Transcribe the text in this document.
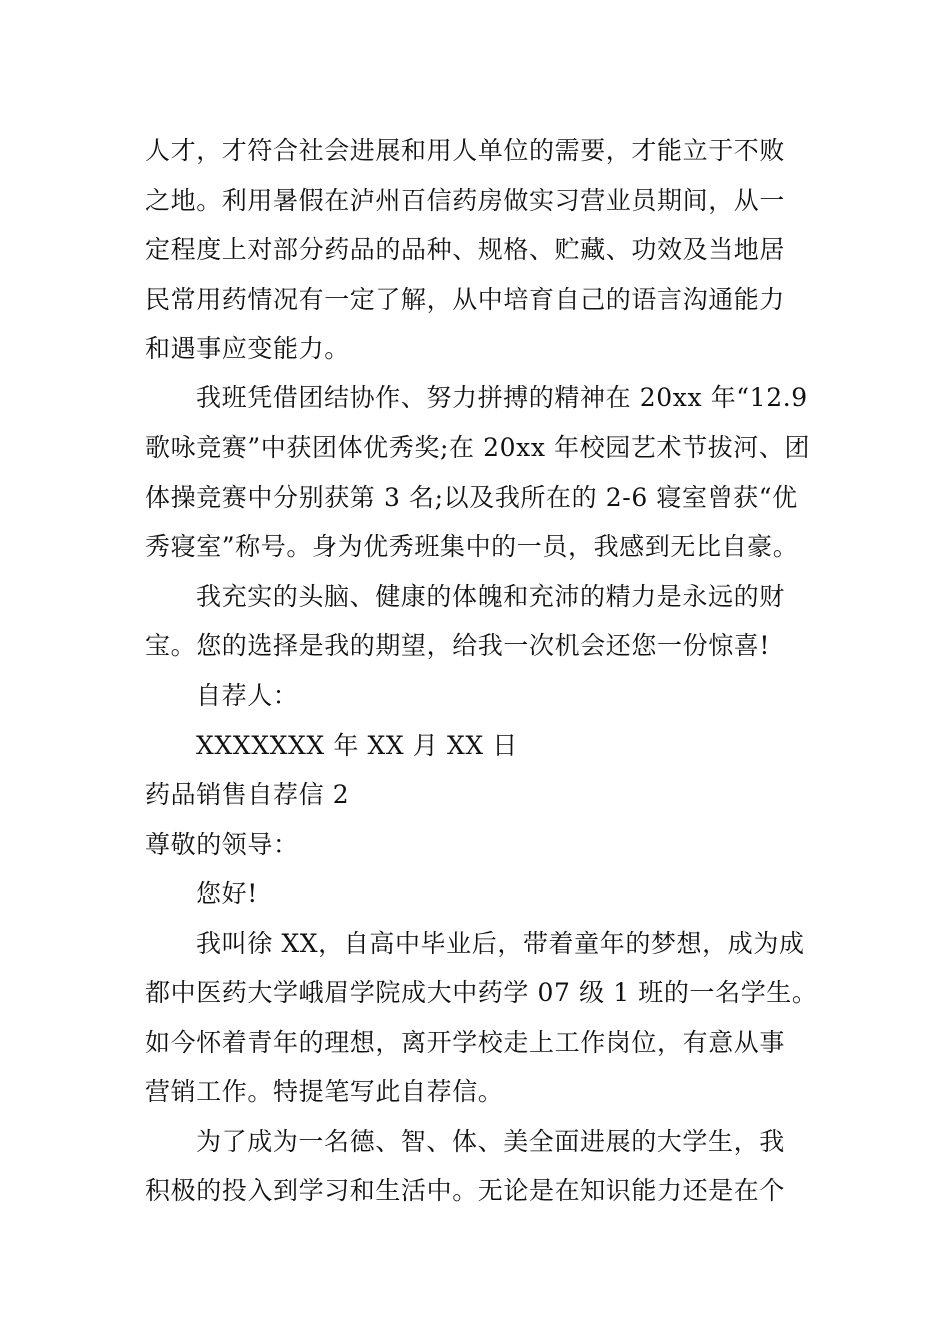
人才，才符合社会进展和用人单位的需要，才能立于不败
之地。利用暑假在泸州百信药房做实习营业员期间，从一
定程度上对部分药品的品种、规格、贮藏、功效及当地居
民常用药情况有一定了解，从中培育自己的语言沟通能力
和遇事应变能力。
我班凭借团结协作、努力拼搏的精神在 20xx 年“12.9
歌咏竞赛”中获团体优秀奖;在 20xx 年校园艺术节拔河、团
体操竞赛中分别获第 3 名;以及我所在的 2-6 寝室曾获“优
秀寝室”称号。身为优秀班集中的一员，我感到无比自豪。
我充实的头脑、健康的体魄和充沛的精力是永远的财
宝。您的选择是我的期望，给我一次机会还您一份惊喜!
自荐人：
XXXXXXX 年 XX 月 XX 日
药品销售自荐信 2
尊敬的领导：
您好!
我叫徐 XX，自高中毕业后，带着童年的梦想，成为成
都中医药大学峨眉学院成大中药学 07 级 1 班的一名学生。
如今怀着青年的理想，离开学校走上工作岗位，有意从事
营销工作。特提笔写此自荐信。
为了成为一名德、智、体、美全面进展的大学生，我
积极的投入到学习和生活中。无论是在知识能力还是在个
